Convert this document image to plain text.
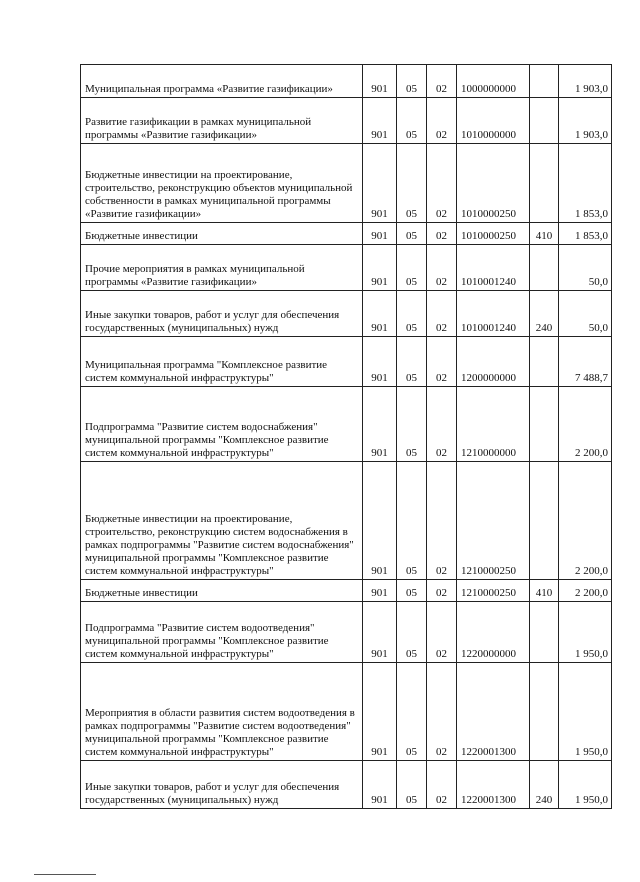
Муниципальная программа «Развитие газификации»	901	05	02	1000000000		1 903,0
Развитие газификации в рамках муниципальной программы «Развитие газификации»	901	05	02	1010000000		1 903,0
Бюджетные инвестиции на проектирование, строительство, реконструкцию объектов муниципальной собственности в рамках муниципальной программы «Развитие газификации»	901	05	02	1010000250		1 853,0
Бюджетные инвестиции	901	05	02	1010000250	410	1 853,0
Прочие мероприятия в рамках муниципальной программы «Развитие газификации»	901	05	02	1010001240		50,0
Иные закупки товаров, работ и услуг для обеспечения государственных (муниципальных) нужд	901	05	02	1010001240	240	50,0
Муниципальная программа "Комплексное развитие систем коммунальной инфраструктуры"	901	05	02	1200000000		7 488,7
Подпрограмма "Развитие систем водоснабжения" муниципальной программы "Комплексное развитие систем коммунальной инфраструктуры"	901	05	02	1210000000		2 200,0
Бюджетные инвестиции на проектирование, строительство, реконструкцию систем водоснабжения в рамках подпрограммы "Развитие систем водоснабжения" муниципальной программы "Комплексное развитие систем коммунальной инфраструктуры"	901	05	02	1210000250		2 200,0
Бюджетные инвестиции	901	05	02	1210000250	410	2 200,0
Подпрограмма "Развитие систем водоотведения" муниципальной программы "Комплексное развитие систем коммунальной инфраструктуры"	901	05	02	1220000000		1 950,0
Мероприятия в области развития систем водоотведения в рамках подпрограммы "Развитие систем водоотведения" муниципальной программы "Комплексное развитие систем коммунальной инфраструктуры"	901	05	02	1220001300		1 950,0
Иные закупки товаров, работ и услуг для обеспечения государственных (муниципальных) нужд	901	05	02	1220001300	240	1 950,0
